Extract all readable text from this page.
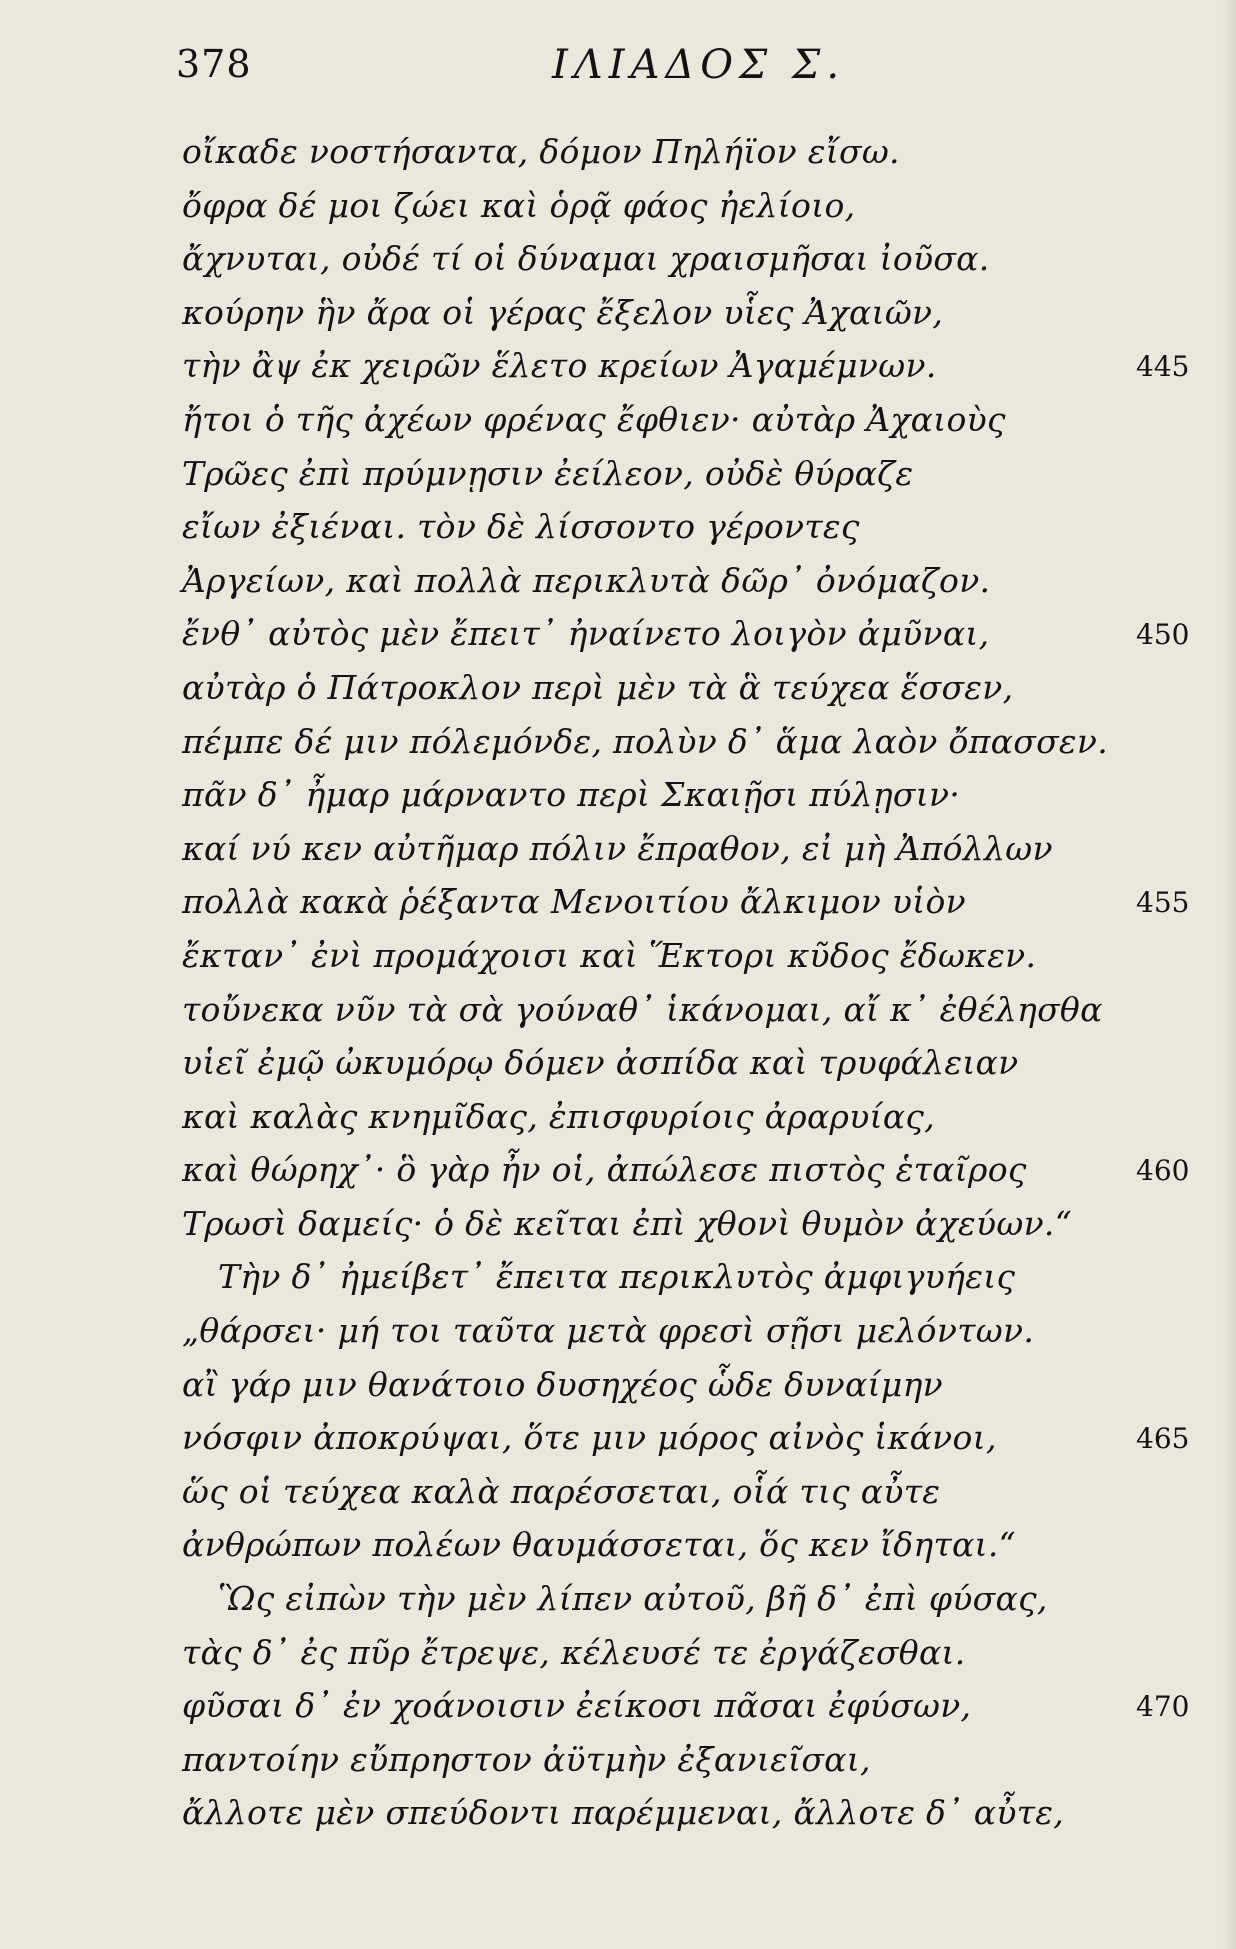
378	ΙΛΙΑΔΟΣ Σ.
οἴκαδε νοστήσαντα, δόμον Πηλήϊον εἴσω.
ὄφρα δέ μοι ζώει καὶ ὁρᾷ φάος ἠελίοιο,
ἄχνυται, οὐδέ τί οἱ δύναμαι χραισμῆσαι ἰοῦσα.
κούρην ἣν ἄρα οἱ γέρας ἔξελον υἷες Ἀχαιῶν,
τὴν ἂψ ἐκ χειρῶν ἕλετο κρείων Ἀγαμέμνων.	445
ἤτοι ὁ τῆς ἀχέων φρένας ἔφθιεν· αὐτὰρ Ἀχαιοὺς
Τρῶες ἐπὶ πρύμνῃσιν ἐείλεον, οὐδὲ θύραζε
εἴων ἐξιέναι. τὸν δὲ λίσσοντο γέροντες
Ἀργείων, καὶ πολλὰ περικλυτὰ δῶρ᾽ ὀνόμαζον.
ἔνθ᾽ αὐτὸς μὲν ἔπειτ᾽ ἠναίνετο λοιγὸν ἀμῦναι,	450
αὐτὰρ ὁ Πάτροκλον περὶ μὲν τὰ ἃ τεύχεα ἕσσεν,
πέμπε δέ μιν πόλεμόνδε, πολὺν δ᾽ ἅμα λαὸν ὄπασσεν.
πᾶν δ᾽ ἦμαρ μάρναντο περὶ Σκαιῇσι πύλῃσιν·
καί νύ κεν αὐτῆμαρ πόλιν ἔπραθον, εἰ μὴ Ἀπόλλων
πολλὰ κακὰ ῥέξαντα Μενοιτίου ἄλκιμον υἱὸν	455
ἔκταν᾽ ἐνὶ προμάχοισι καὶ Ἕκτορι κῦδος ἔδωκεν.
τοὔνεκα νῦν τὰ σὰ γούναθ᾽ ἱκάνομαι, αἴ κ᾽ ἐθέλησθα
υἱεῖ ἐμῷ ὠκυμόρῳ δόμεν ἀσπίδα καὶ τρυφάλειαν
καὶ καλὰς κνημῖδας, ἐπισφυρίοις ἀραρυίας,
καὶ θώρηχ᾽· ὃ γὰρ ἦν οἱ, ἀπώλεσε πιστὸς ἑταῖρος	460
Τρωσὶ δαμείς· ὁ δὲ κεῖται ἐπὶ χθονὶ θυμὸν ἀχεύων.“
Τὴν δ᾽ ἠμείβετ᾽ ἔπειτα περικλυτὸς ἀμφιγυήεις
„θάρσει· μή τοι ταῦτα μετὰ φρεσὶ σῇσι μελόντων.
αἲ γάρ μιν θανάτοιο δυσηχέος ὧδε δυναίμην
νόσφιν ἀποκρύψαι, ὅτε μιν μόρος αἰνὸς ἱκάνοι,	465
ὥς οἱ τεύχεα καλὰ παρέσσεται, οἷά τις αὖτε
ἀνθρώπων πολέων θαυμάσσεται, ὅς κεν ἴδηται.“
Ὣς εἰπὼν τὴν μὲν λίπεν αὐτοῦ, βῆ δ᾽ ἐπὶ φύσας,
τὰς δ᾽ ἐς πῦρ ἔτρεψε, κέλευσέ τε ἐργάζεσθαι.
φῦσαι δ᾽ ἐν χοάνοισιν ἐείκοσι πᾶσαι ἐφύσων,	470
παντοίην εὔπρηστον ἀϋτμὴν ἐξανιεῖσαι,
ἄλλοτε μὲν σπεύδοντι παρέμμεναι, ἄλλοτε δ᾽ αὖτε,
